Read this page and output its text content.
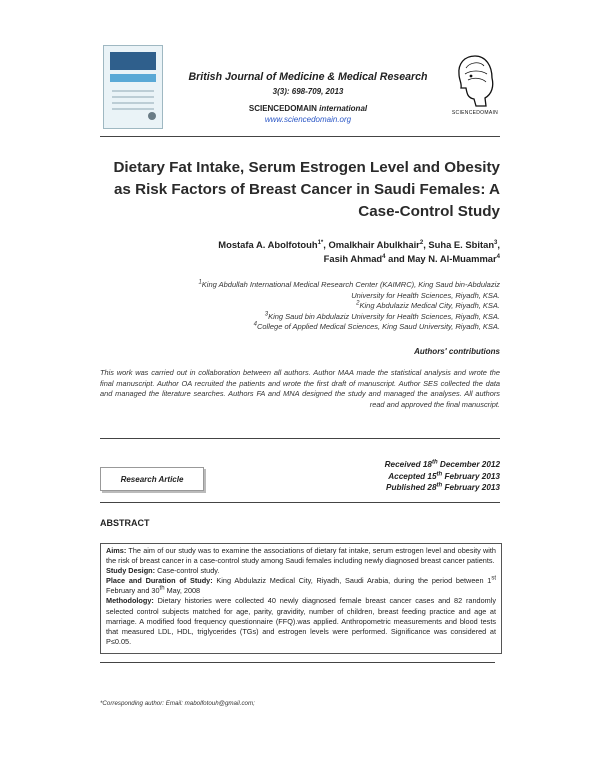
British Journal of Medicine & Medical Research
3(3): 698-709, 2013
SCIENCEDOMAIN international
www.sciencedomain.org
SCIENCEDOMAIN
Dietary Fat Intake, Serum Estrogen Level and Obesity as Risk Factors of Breast Cancer in Saudi Females: A Case-Control Study
Mostafa A. Abolfotouh$^{1*}$, Omalkhair Abulkhair$^2$, Suha E. Sbitan$^3$,
Fasih Ahmad$^4$ and May N. Al-Muammar$^4$
$^1$King Abdullah International Medical Research Center (KAIMRC), King Saud bin-Abdulaziz
University for Health Sciences, Riyadh, KSA.
$^2$King Abdulaziz Medical City, Riyadh, KSA.
$^3$King Saud bin Abdulaziz University for Health Sciences, Riyadh, KSA.
$^4$College of Applied Medical Sciences, King Saud University, Riyadh, KSA.
Authors' contributions
This work was carried out in collaboration between all authors. Author MAA made the statistical analysis and wrote the final manuscript. Author OA recruited the patients and wrote the first draft of manuscript. Author SES collected the data and managed the literature searches. Authors FA and MNA designed the study and managed the analyses. All authors read and approved the final manuscript.
Research Article
Received 18th December 2012
Accepted 15th February 2013
Published 28th February 2013
ABSTRACT

Aims: The aim of our study was to examine the associations of dietary fat intake, serum estrogen level and obesity with the risk of breast cancer in a case-control study among Saudi females including newly diagnosed breast cancer patients.

Study Design: Case-control study.

Place and Duration of Study: King Abdulaziz Medical City, Riyadh, Saudi Arabia, during the period between 1st February and 30th May, 2008

Methodology: Dietary histories were collected 40 newly diagnosed female breast cancer cases and 82 randomly selected control subjects matched for age, parity, gravidity, number of children, breast feeding practice and age at marriage. A modified food frequency questionnaire (FFQ).was applied. Anthropometric measurements and blood tests that measured LDL, HDL, triglycerides (TGs) and estrogen levels were performed. Significance was considered at P≤0.05.

*Corresponding author: Email: mabolfotouh@gmail.com;
